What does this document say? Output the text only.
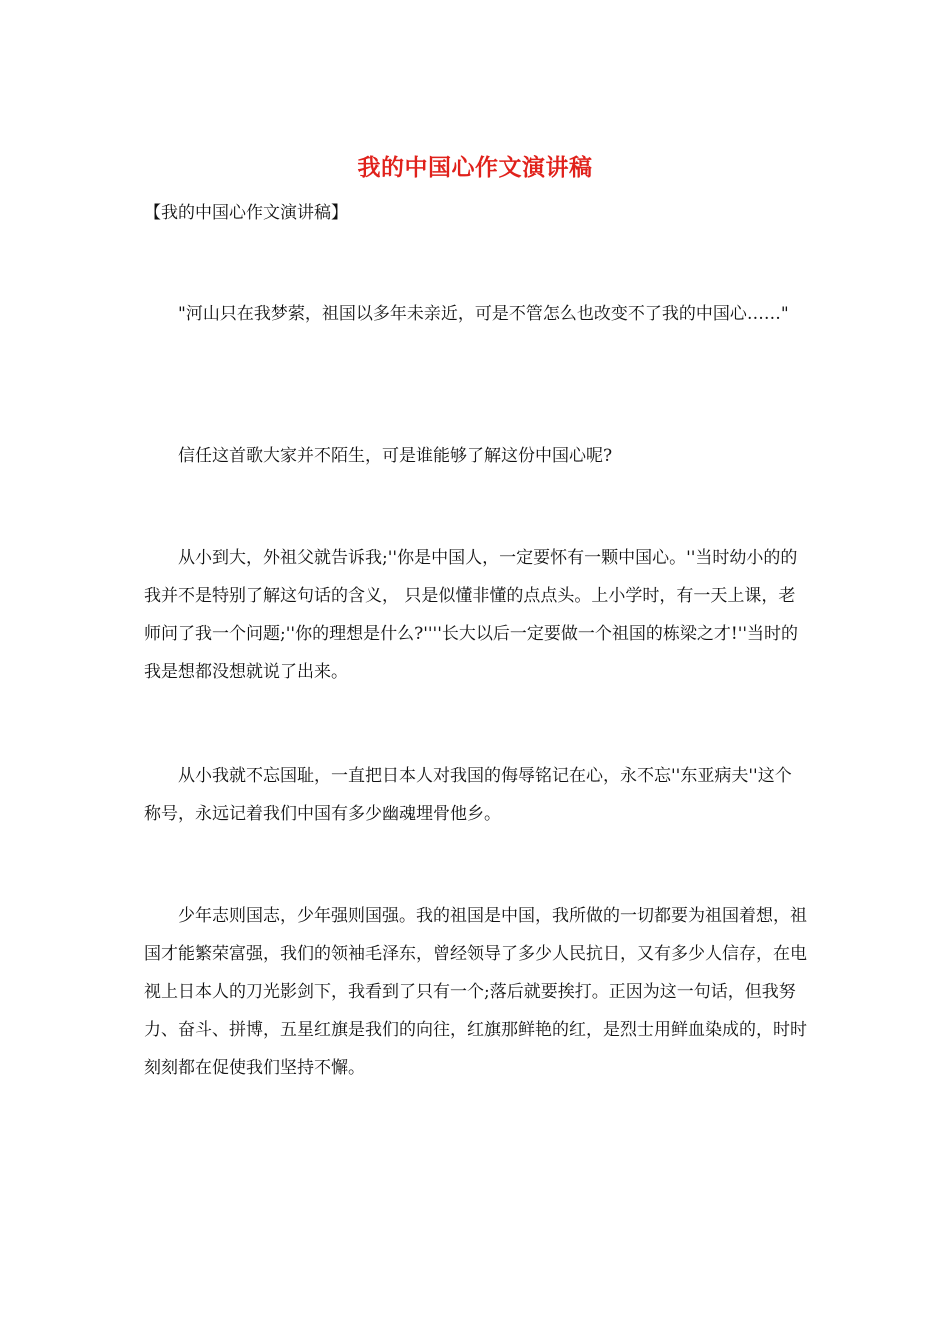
我的中国心作文演讲稿
【我的中国心作文演讲稿】

"河山只在我梦萦，祖国以多年未亲近，可是不管怎么也改变不了我的中国心……"

信任这首歌大家并不陌生，可是谁能够了解这份中国心呢?

从小到大，外祖父就告诉我;''你是中国人，一定要怀有一颗中国心。''当时幼小的的我并不是特别了解这句话的含义， 只是似懂非懂的点点头。上小学时，有一天上课，老师问了我一个问题;''你的理想是什么?''''长大以后一定要做一个祖国的栋梁之才!''当时的我是想都没想就说了出来。

从小我就不忘国耻，一直把日本人对我国的侮辱铭记在心，永不忘''东亚病夫''这个称号，永远记着我们中国有多少幽魂埋骨他乡。

少年志则国志，少年强则国强。我的祖国是中国，我所做的一切都要为祖国着想，祖国才能繁荣富强，我们的领袖毛泽东，曾经领导了多少人民抗日，又有多少人信存，在电视上日本人的刀光影剑下，我看到了只有一个;落后就要挨打。正因为这一句话，但我努力、奋斗、拼博，五星红旗是我们的向往，红旗那鲜艳的红，是烈士用鲜血染成的，时时刻刻都在促使我们坚持不懈。
